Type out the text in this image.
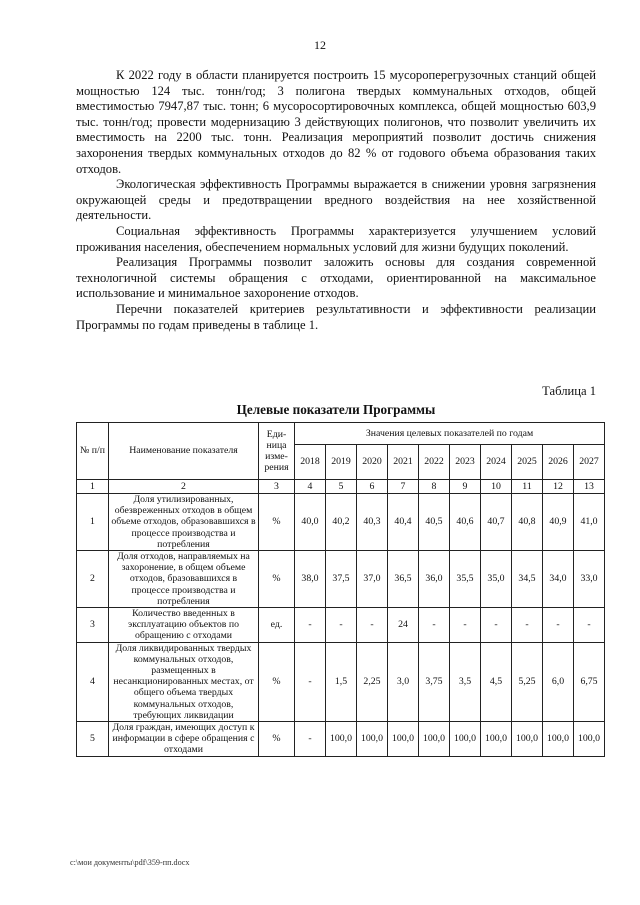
12

К 2022 году в области планируется построить 15 мусороперегрузочных станций общей мощностью 124 тыс. тонн/год; 3 полигона твердых коммунальных отходов, общей вместимостью 7947,87 тыс. тонн; 6 мусоросортировочных комплекса, общей мощностью 603,9 тыс. тонн/год; провести модернизацию 3 действующих полигонов, что позволит увеличить их вместимость на 2200 тыс. тонн. Реализация мероприятий позволит достичь снижения захоронения твердых коммунальных отходов до 82 % от годового объема образования таких отходов.

Экологическая эффективность Программы выражается в снижении уровня загрязнения окружающей среды и предотвращении вредного воздействия на нее хозяйственной деятельности.

Социальная эффективность Программы характеризуется улучшением условий проживания населения, обеспечением нормальных условий для жизни будущих поколений.

Реализация Программы позволит заложить основы для создания современной технологичной системы обращения с отходами, ориентированной на максимальное использование и минимальное захоронение отходов.

Перечни показателей критериев результативности и эффективности реализации Программы по годам приведены в таблице 1.

Таблица 1
Целевые показатели Программы
№ п/п	Наименование показателя	Еди-ница изме-рения	Значения целевых показателей по годам									
			2018	2019	2020	2021	2022	2023	2024	2025	2026	2027
1	2	3	4	5	6	7	8	9	10	11	12	13
1	Доля утилизированных, обезвреженных отходов в общем объеме отходов, образовавшихся в процессе производства и потребления	%	40,0	40,2	40,3	40,4	40,5	40,6	40,7	40,8	40,9	41,0
2	Доля отходов, направляемых на захоронение, в общем объеме отходов, бразовавшихся в процессе производства и потребления	%	38,0	37,5	37,0	36,5	36,0	35,5	35,0	34,5	34,0	33,0
3	Количество введенных в эксплуатацию объектов по обращению с отходами	ед.	-	-	-	24	-	-	-	-	-	-
4	Доля ликвидированных твердых коммунальных отходов, размещенных в несанкционированных местах, от общего объема твердых коммунальных отходов, требующих ликвидации	%	-	1,5	2,25	3,0	3,75	3,5	4,5	5,25	6,0	6,75
5	Доля граждан, имеющих доступ к информации в сфере обращения с отходами	%	-	100,0	100,0	100,0	100,0	100,0	100,0	100,0	100,0	100,0
c:\мои документы\pdf\359-пп.docx
